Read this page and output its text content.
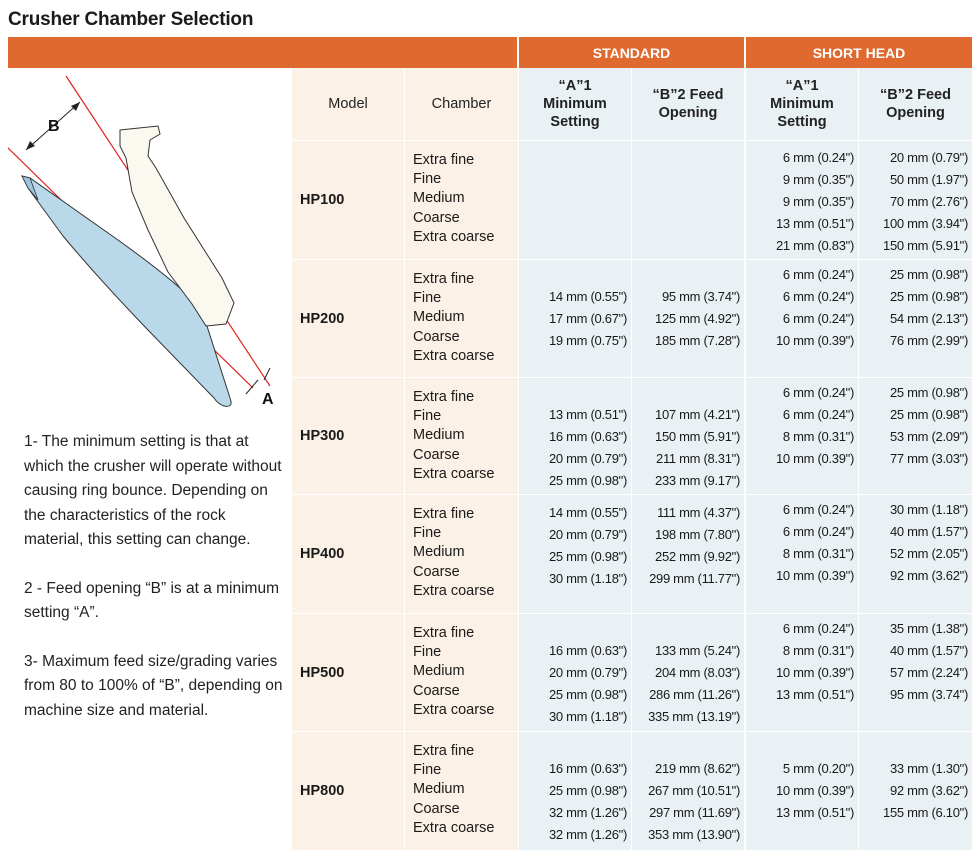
Crusher Chamber Selection
STANDARD	SHORT HEAD
B
A

1- The minimum setting is that at which the crusher will operate without causing ring bounce. Depending on the characteristics of the rock material, this setting can change.

2 - Feed opening “B” is at a minimum setting “A”.

3- Maximum feed size/grading varies from 80 to 100% of “B”, depending on machine size and material.

Model	Chamber
“A”1
Minimum
Setting
“B”2 Feed
Opening
“A”1
Minimum
Setting
“B”2 Feed
Opening
HP100
Extra fine
Fine
Medium
Coarse
Extra coarse
6 mm (0.24")
9 mm (0.35")
9 mm (0.35")
13 mm (0.51")
21 mm (0.83")
20 mm (0.79")
50 mm (1.97")
70 mm (2.76")
100 mm (3.94")
150 mm (5.91")
HP200
Extra fine
Fine
Medium
Coarse
Extra coarse
14 mm (0.55")
17 mm (0.67")
19 mm (0.75")
95 mm (3.74")
125 mm (4.92")
185 mm (7.28")
6 mm (0.24")
6 mm (0.24")
6 mm (0.24")
10 mm (0.39")
25 mm (0.98")
25 mm (0.98")
54 mm (2.13")
76 mm (2.99")
HP300
Extra fine
Fine
Medium
Coarse
Extra coarse
13 mm (0.51")
16 mm (0.63")
20 mm (0.79")
25 mm (0.98")
107 mm (4.21")
150 mm (5.91")
211 mm (8.31")
233 mm (9.17")
6 mm (0.24")
6 mm (0.24")
8 mm (0.31")
10 mm (0.39")
25 mm (0.98")
25 mm (0.98")
53 mm (2.09")
77 mm (3.03")
HP400
Extra fine
Fine
Medium
Coarse
Extra coarse
14 mm (0.55")
20 mm (0.79")
25 mm (0.98")
30 mm (1.18")
111 mm (4.37")
198 mm (7.80")
252 mm (9.92")
299 mm (11.77")
6 mm (0.24")
6 mm (0.24")
8 mm (0.31")
10 mm (0.39")
30 mm (1.18")
40 mm (1.57")
52 mm (2.05")
92 mm (3.62")
HP500
Extra fine
Fine
Medium
Coarse
Extra coarse
16 mm (0.63")
20 mm (0.79")
25 mm (0.98")
30 mm (1.18")
133 mm (5.24")
204 mm (8.03")
286 mm (11.26")
335 mm (13.19")
6 mm (0.24")
8 mm (0.31")
10 mm (0.39")
13 mm (0.51")
35 mm (1.38")
40 mm (1.57")
57 mm (2.24")
95 mm (3.74")
HP800
Extra fine
Fine
Medium
Coarse
Extra coarse
16 mm (0.63")
25 mm (0.98")
32 mm (1.26")
32 mm (1.26")
219 mm (8.62")
267 mm (10.51")
297 mm (11.69")
353 mm (13.90")
5 mm (0.20")
10 mm (0.39")
13 mm (0.51")
33 mm (1.30")
92 mm (3.62")
155 mm (6.10")
